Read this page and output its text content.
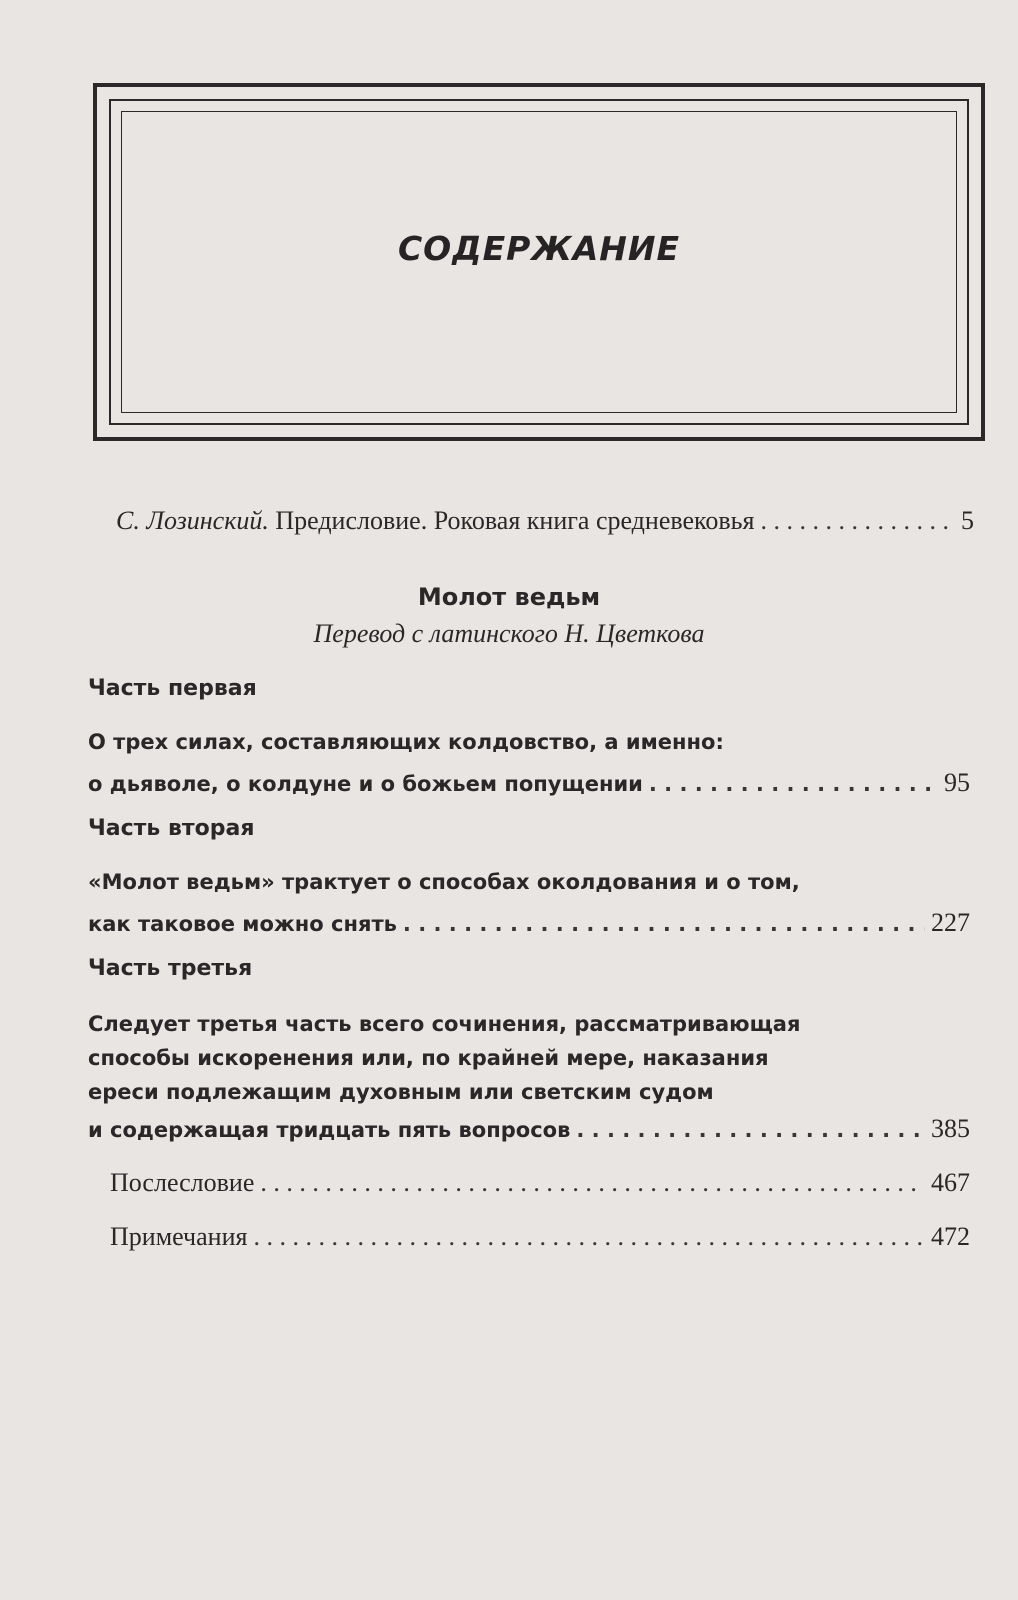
СОДЕРЖАНИЕ
С. Лозинский. Предисловие. Роковая книга средневековья . . .	5
Молот ведьм
Перевод с латинского Н. Цветкова
Часть первая
О трех силах, составляющих колдовство, а именно:
о дьяволе, о колдуне и о божьем попущении . . .	95
Часть вторая
«Молот ведьм» трактует о способах околдования и о том,
как таковое можно снять . . .	227
Часть третья
Следует третья часть всего сочинения, рассматривающая
способы искоренения или, по крайней мере, наказания
ереси подлежащим духовным или светским судом
и содержащая тридцать пять вопросов . . .	385
Послесловие . . .	467
Примечания . . .	472
